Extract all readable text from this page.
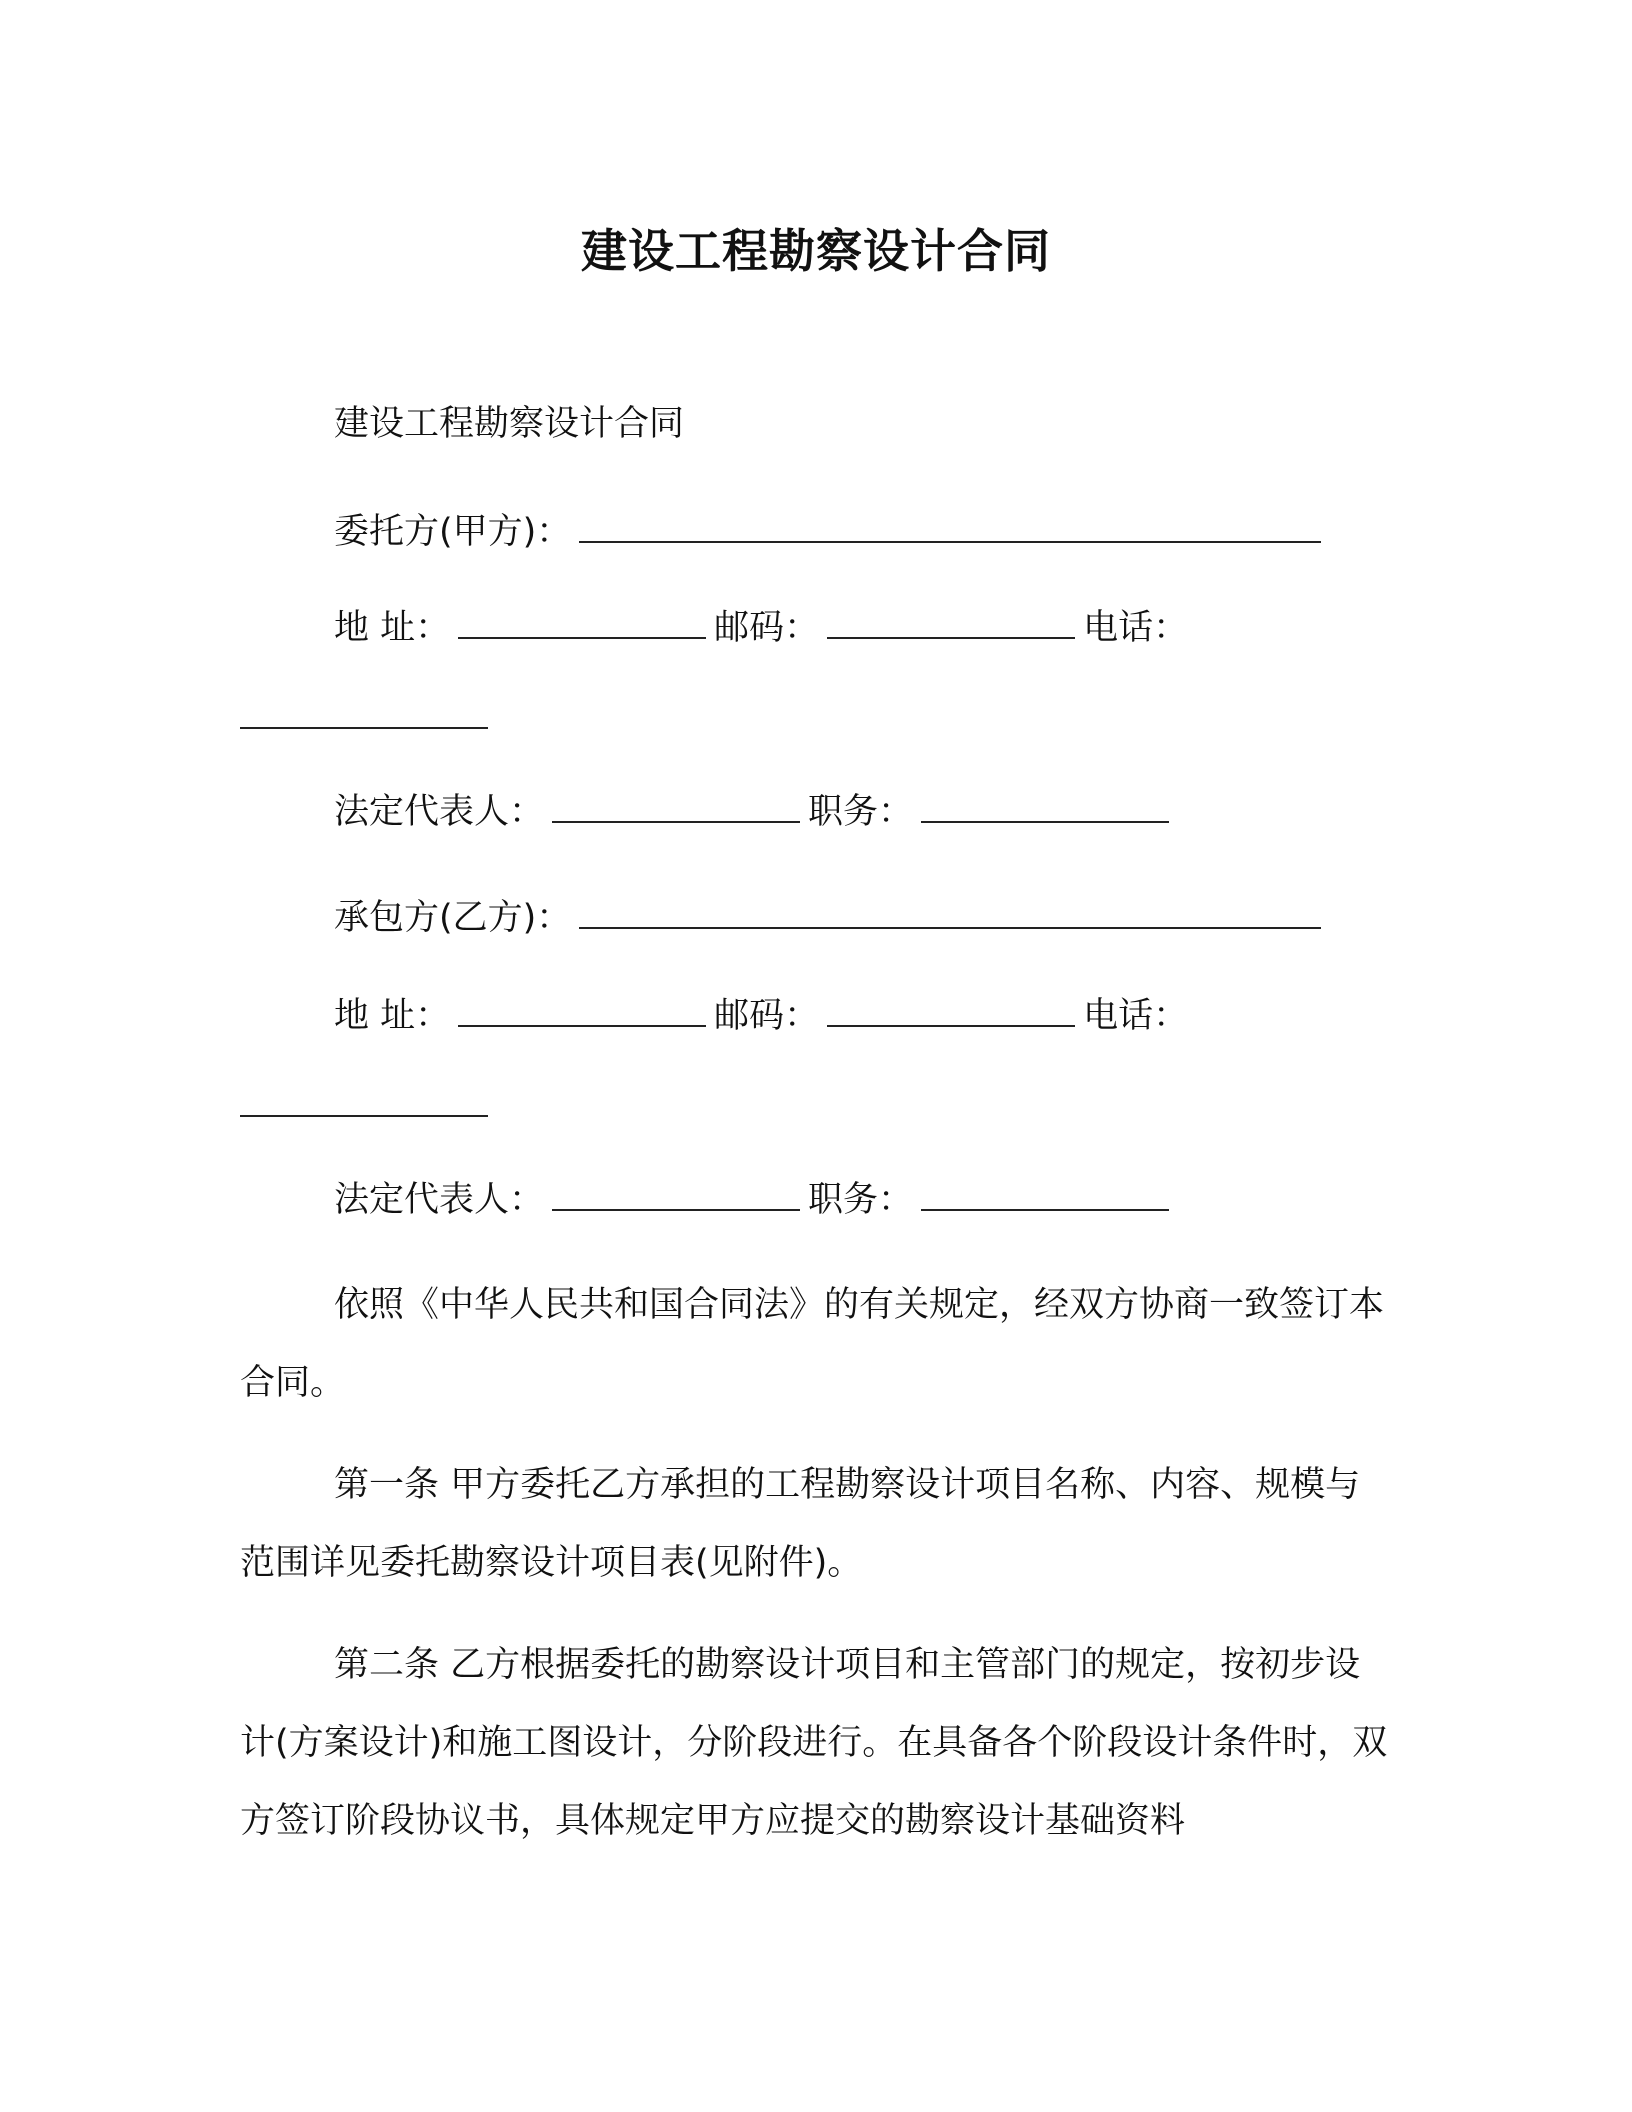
建设工程勘察设计合同
建设工程勘察设计合同
委托方(甲方)：
地 址：	邮码：	电话：
法定代表人：	职务：
承包方(乙方)：
地 址：	邮码：	电话：
法定代表人：	职务：
依照《中华人民共和国合同法》的有关规定，经双方协商一致签订本合同。
第一条 甲方委托乙方承担的工程勘察设计项目名称、内容、规模与范围详见委托勘察设计项目表(见附件)。
第二条 乙方根据委托的勘察设计项目和主管部门的规定，按初步设计(方案设计)和施工图设计，分阶段进行。在具备各个阶段设计条件时，双方签订阶段协议书，具体规定甲方应提交的勘察设计基础资料
